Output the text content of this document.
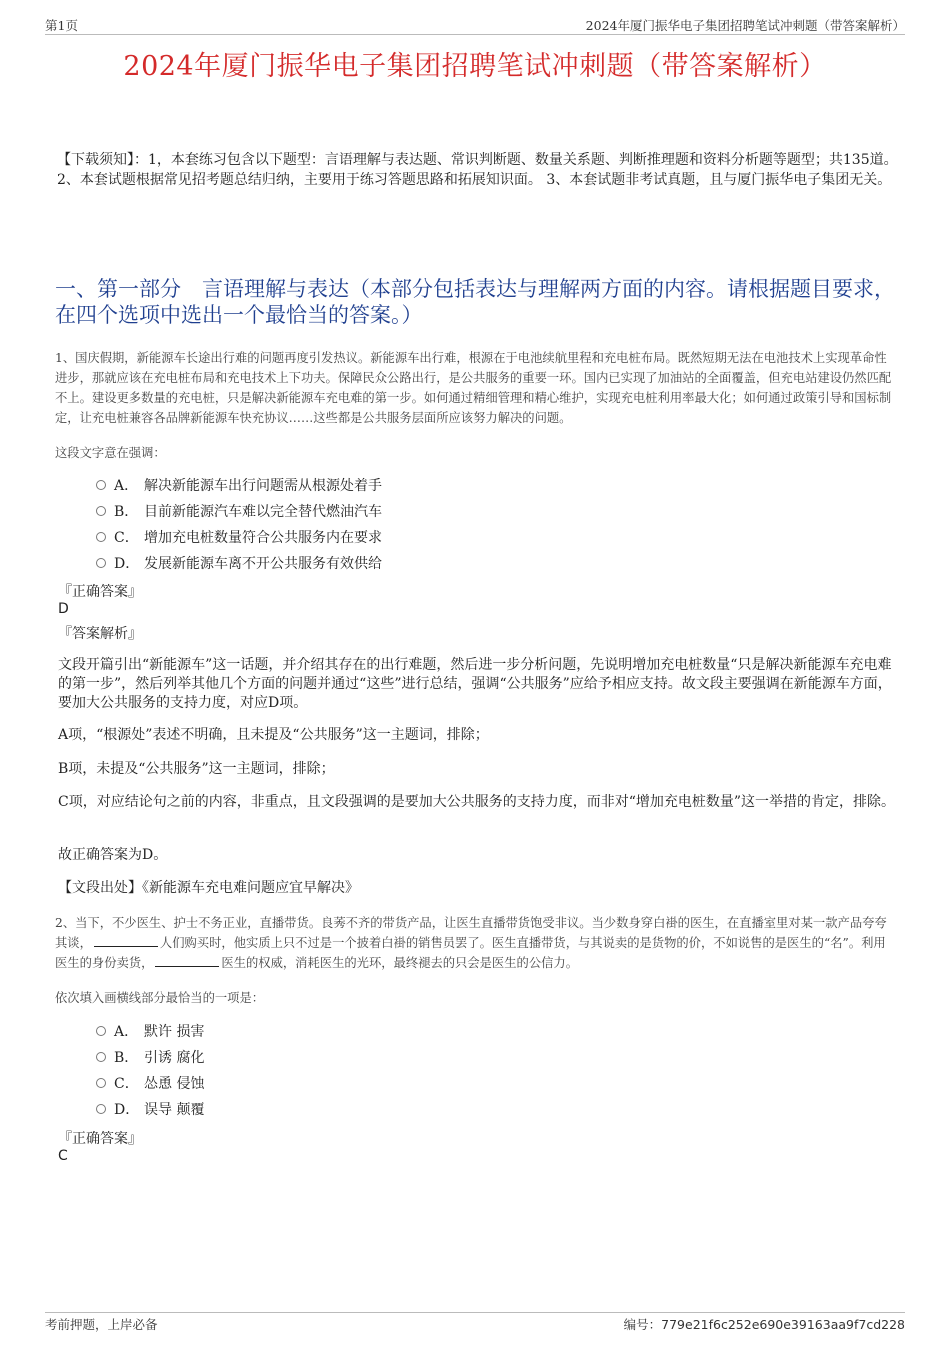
第1页	2024年厦门振华电子集团招聘笔试冲刺题（带答案解析）
2024年厦门振华电子集团招聘笔试冲刺题（带答案解析）
【下载须知】：1，本套练习包含以下题型：言语理解与表达题、常识判断题、数量关系题、判断推理题和资料分析题等题型；共135道。 2、本套试题根据常见招考题总结归纳，主要用于练习答题思路和拓展知识面。 3、本套试题非考试真题，且与厦门振华电子集团无关。
一、第一部分　言语理解与表达（本部分包括表达与理解两方面的内容。请根据题目要求，在四个选项中选出一个最恰当的答案。）
1、国庆假期，新能源车长途出行难的问题再度引发热议。新能源车出行难，根源在于电池续航里程和充电桩布局。既然短期无法在电池技术上实现革命性进步，那就应该在充电桩布局和充电技术上下功夫。保障民众公路出行，是公共服务的重要一环。国内已实现了加油站的全面覆盖，但充电站建设仍然匹配不上。建设更多数量的充电桩，只是解决新能源车充电难的第一步。如何通过精细管理和精心维护，实现充电桩利用率最大化；如何通过政策引导和国标制定，让充电桩兼容各品牌新能源车快充协议……这些都是公共服务层面所应该努力解决的问题。
这段文字意在强调：
A． 解决新能源车出行问题需从根源处着手
B． 目前新能源汽车难以完全替代燃油汽车
C． 增加充电桩数量符合公共服务内在要求
D． 发展新能源车离不开公共服务有效供给
『正确答案』
D
『答案解析』
文段开篇引出“新能源车”这一话题，并介绍其存在的出行难题，然后进一步分析问题，先说明增加充电桩数量“只是解决新能源车充电难的第一步”，然后列举其他几个方面的问题并通过“这些”进行总结，强调“公共服务”应给予相应支持。故文段主要强调在新能源车方面，要加大公共服务的支持力度，对应D项。
A项，“根源处”表述不明确，且未提及“公共服务”这一主题词，排除；
B项，未提及“公共服务”这一主题词，排除；
C项，对应结论句之前的内容，非重点，且文段强调的是要加大公共服务的支持力度，而非对“增加充电桩数量”这一举措的肯定，排除。
故正确答案为D。
【文段出处】《新能源车充电难问题应宜早解决》
2、当下，不少医生、护士不务正业，直播带货。良莠不齐的带货产品，让医生直播带货饱受非议。当少数身穿白褂的医生，在直播室里对某一款产品夸夸其谈，	人们购买时，他实质上只不过是一个披着白褂的销售员罢了。医生直播带货，与其说卖的是货物的价，不如说售的是医生的“名”。利用医生的身份卖货，	医生的权威，消耗医生的光环，最终褪去的只会是医生的公信力。
依次填入画横线部分最恰当的一项是：
A． 默许 损害
B． 引诱 腐化
C． 怂恿 侵蚀
D． 误导 颠覆
『正确答案』
C
考前押题，上岸必备	编号：779e21f6c252e690e39163aa9f7cd228
